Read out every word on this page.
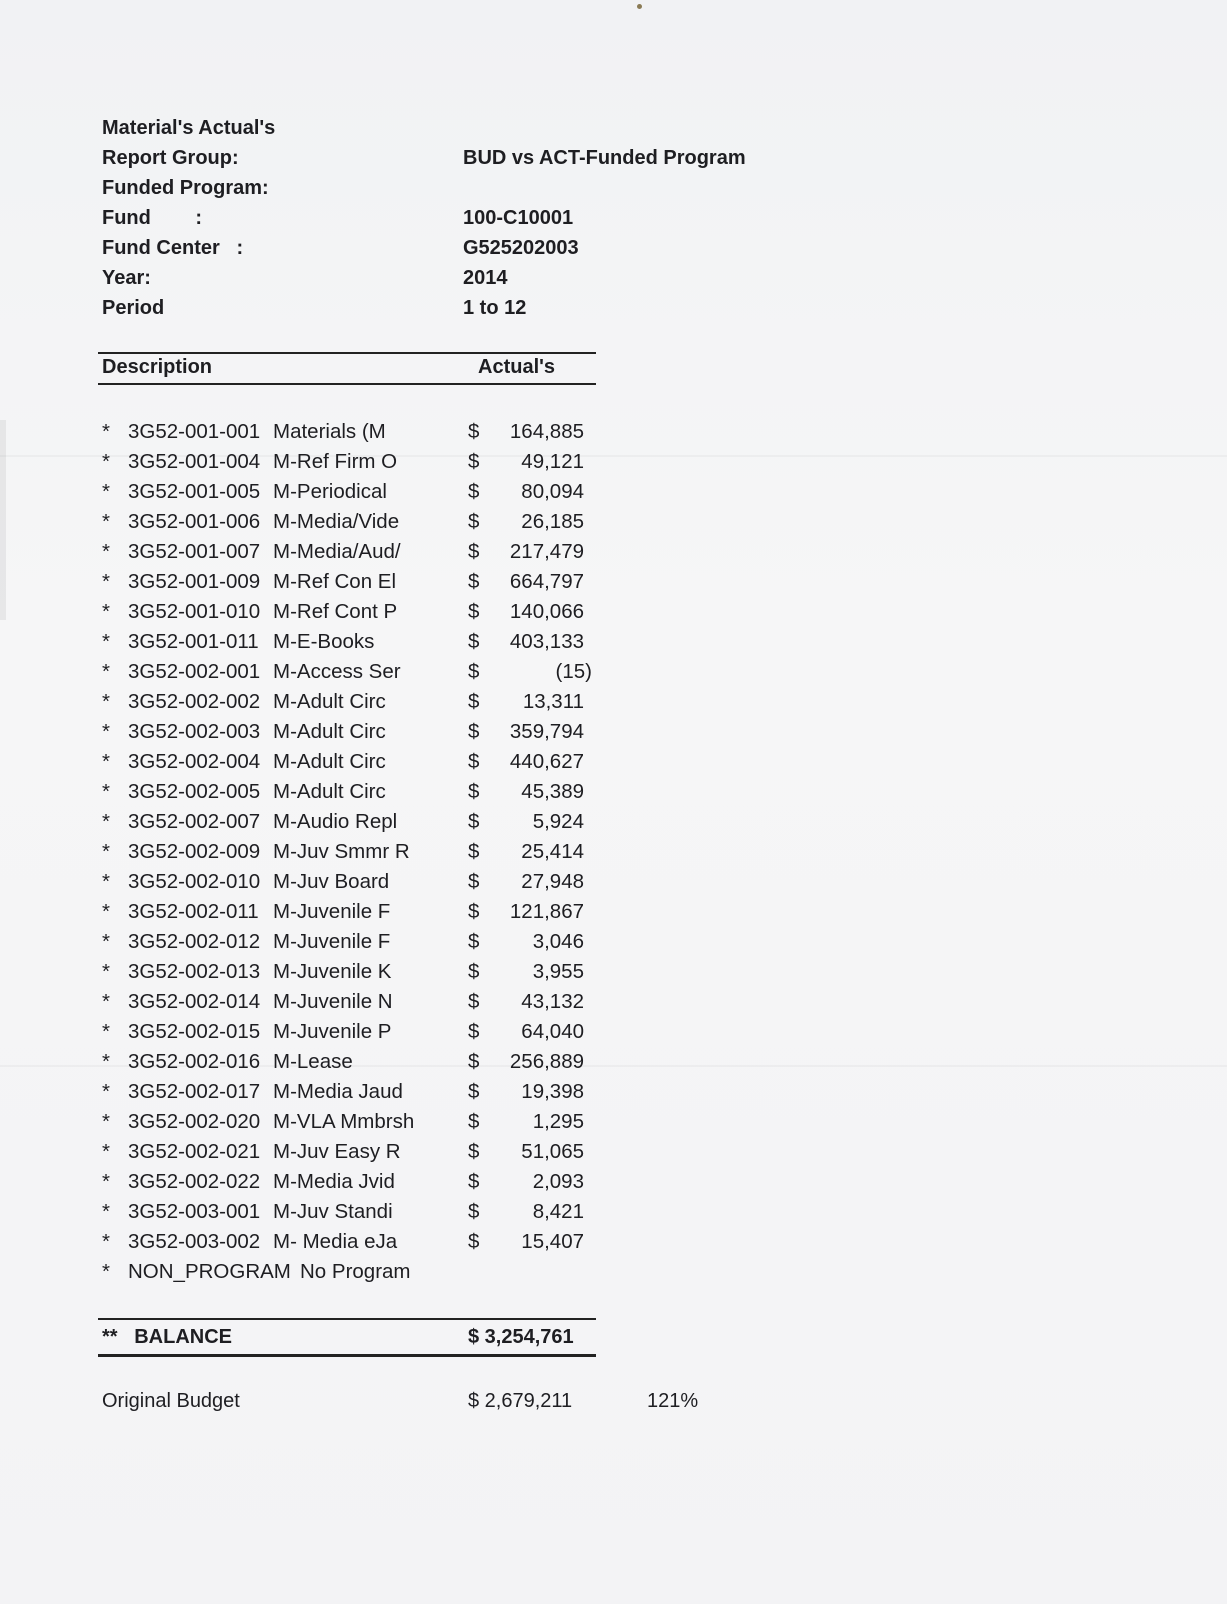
Material's Actual's
Report Group:	BUD vs ACT-Funded Program
Funded Program:
Fund        :	100-C10001
Fund Center   :	G525202003
Year:	2014
Period	1 to 12
Description	Actual's
* 3G52-001-001 Materials (M	$	164,885
* 3G52-001-004 M-Ref Firm O	$	49,121
* 3G52-001-005 M-Periodical	$	80,094
* 3G52-001-006 M-Media/Vide	$	26,185
* 3G52-001-007 M-Media/Aud/	$	217,479
* 3G52-001-009 M-Ref Con El	$	664,797
* 3G52-001-010 M-Ref Cont P	$	140,066
* 3G52-001-011 M-E-Books	$	403,133
* 3G52-002-001 M-Access Ser	$	(15)
* 3G52-002-002 M-Adult Circ	$	13,311
* 3G52-002-003 M-Adult Circ	$	359,794
* 3G52-002-004 M-Adult Circ	$	440,627
* 3G52-002-005 M-Adult Circ	$	45,389
* 3G52-002-007 M-Audio Repl	$	5,924
* 3G52-002-009 M-Juv Smmr R	$	25,414
* 3G52-002-010 M-Juv Board	$	27,948
* 3G52-002-011 M-Juvenile F	$	121,867
* 3G52-002-012 M-Juvenile F	$	3,046
* 3G52-002-013 M-Juvenile K	$	3,955
* 3G52-002-014 M-Juvenile N	$	43,132
* 3G52-002-015 M-Juvenile P	$	64,040
* 3G52-002-016 M-Lease	$	256,889
* 3G52-002-017 M-Media Jaud	$	19,398
* 3G52-002-020 M-VLA Mmbrsh	$	1,295
* 3G52-002-021 M-Juv Easy R	$	51,065
* 3G52-002-022 M-Media Jvid	$	2,093
* 3G52-003-001 M-Juv Standi	$	8,421
* 3G52-003-002 M- Media eJa	$	15,407
* NON_PROGRAM No Program
**   BALANCE	$ 3,254,761
Original Budget	$ 2,679,211	121%
